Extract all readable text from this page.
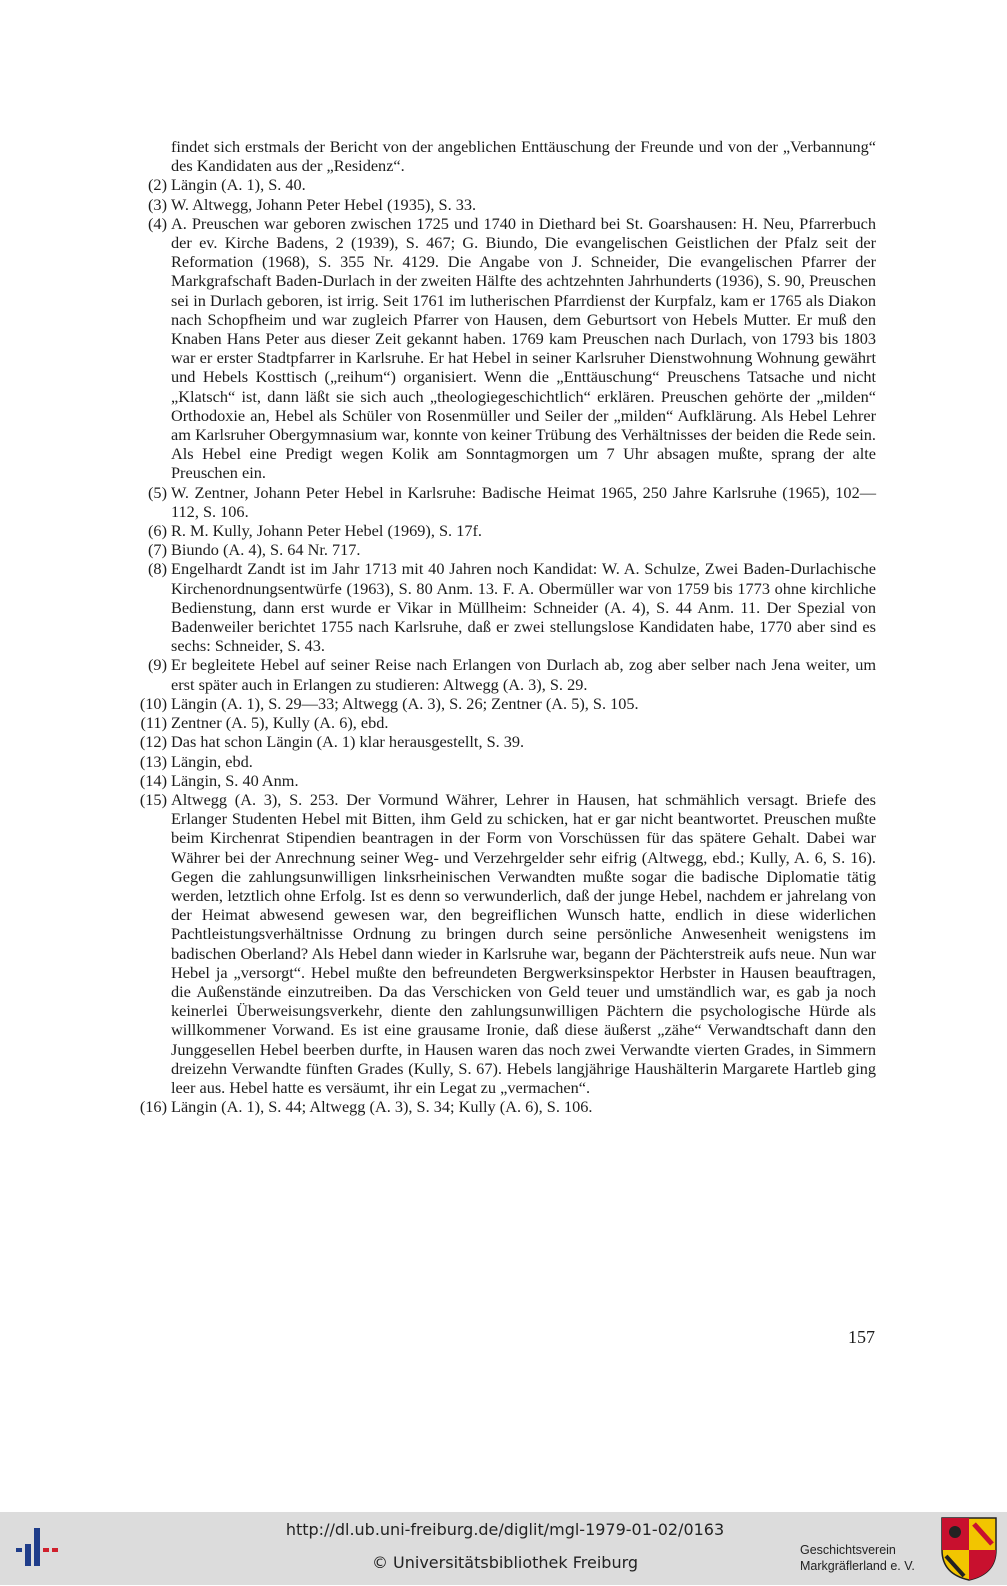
findet sich erstmals der Bericht von der angeblichen Enttäuschung der Freunde und von der „Verbannung“ des Kandidaten aus der „Residenz“.
(2) Längin (A. 1), S. 40.
(3) W. Altwegg, Johann Peter Hebel (1935), S. 33.
(4) A. Preuschen war geboren zwischen 1725 und 1740 in Diethard bei St. Goarshausen: H. Neu, Pfarrerbuch der ev. Kirche Badens, 2 (1939), S. 467; G. Biundo, Die evangelischen Geistlichen der Pfalz seit der Reformation (1968), S. 355 Nr. 4129. Die Angabe von J. Schneider, Die evangelischen Pfarrer der Markgrafschaft Baden-Durlach in der zweiten Hälfte des achtzehnten Jahrhunderts (1936), S. 90, Preuschen sei in Durlach geboren, ist irrig. Seit 1761 im lutherischen Pfarrdienst der Kurpfalz, kam er 1765 als Diakon nach Schopfheim und war zugleich Pfarrer von Hausen, dem Geburtsort von Hebels Mutter. Er muß den Knaben Hans Peter aus dieser Zeit gekannt haben. 1769 kam Preuschen nach Durlach, von 1793 bis 1803 war er erster Stadtpfarrer in Karlsruhe. Er hat Hebel in seiner Karlsruher Dienstwohnung Wohnung gewährt und Hebels Kosttisch („reihum“) organisiert. Wenn die „Enttäuschung“ Preuschens Tatsache und nicht „Klatsch“ ist, dann läßt sie sich auch „theologiegeschichtlich“ erklären. Preuschen gehörte der „milden“ Orthodoxie an, Hebel als Schüler von Rosenmüller und Seiler der „milden“ Aufklärung. Als Hebel Lehrer am Karlsruher Obergymnasium war, konnte von keiner Trübung des Verhältnisses der beiden die Rede sein. Als Hebel eine Predigt wegen Kolik am Sonntagmorgen um 7 Uhr absagen mußte, sprang der alte Preuschen ein.
(5) W. Zentner, Johann Peter Hebel in Karlsruhe: Badische Heimat 1965, 250 Jahre Karlsruhe (1965), 102—112, S. 106.
(6) R. M. Kully, Johann Peter Hebel (1969), S. 17f.
(7) Biundo (A. 4), S. 64 Nr. 717.
(8) Engelhardt Zandt ist im Jahr 1713 mit 40 Jahren noch Kandidat: W. A. Schulze, Zwei Baden-Durlachische Kirchenordnungsentwürfe (1963), S. 80 Anm. 13. F. A. Obermüller war von 1759 bis 1773 ohne kirchliche Bedienstung, dann erst wurde er Vikar in Müllheim: Schneider (A. 4), S. 44 Anm. 11. Der Spezial von Badenweiler berichtet 1755 nach Karlsruhe, daß er zwei stellungslose Kandidaten habe, 1770 aber sind es sechs: Schneider, S. 43.
(9) Er begleitete Hebel auf seiner Reise nach Erlangen von Durlach ab, zog aber selber nach Jena weiter, um erst später auch in Erlangen zu studieren: Altwegg (A. 3), S. 29.
(10) Längin (A. 1), S. 29—33; Altwegg (A. 3), S. 26; Zentner (A. 5), S. 105.
(11) Zentner (A. 5), Kully (A. 6), ebd.
(12) Das hat schon Längin (A. 1) klar herausgestellt, S. 39.
(13) Längin, ebd.
(14) Längin, S. 40 Anm.
(15) Altwegg (A. 3), S. 253. Der Vormund Währer, Lehrer in Hausen, hat schmählich versagt. Briefe des Erlanger Studenten Hebel mit Bitten, ihm Geld zu schicken, hat er gar nicht beantwortet. Preuschen mußte beim Kirchenrat Stipendien beantragen in der Form von Vorschüssen für das spätere Gehalt. Dabei war Währer bei der Anrechnung seiner Weg- und Verzehrgelder sehr eifrig (Altwegg, ebd.; Kully, A. 6, S. 16). Gegen die zahlungsunwilligen linksrheinischen Verwandten mußte sogar die badische Diplomatie tätig werden, letztlich ohne Erfolg. Ist es denn so verwunderlich, daß der junge Hebel, nachdem er jahrelang von der Heimat abwesend gewesen war, den begreiflichen Wunsch hatte, endlich in diese widerlichen Pachtleistungsverhältnisse Ordnung zu bringen durch seine persönliche Anwesenheit wenigstens im badischen Oberland? Als Hebel dann wieder in Karlsruhe war, begann der Pächterstreik aufs neue. Nun war Hebel ja „versorgt“. Hebel mußte den befreundeten Bergwerksinspektor Herbster in Hausen beauftragen, die Außenstände einzutreiben. Da das Verschicken von Geld teuer und umständlich war, es gab ja noch keinerlei Überweisungsverkehr, diente den zahlungsunwilligen Pächtern die psychologische Hürde als willkommener Vorwand. Es ist eine grausame Ironie, daß diese äußerst „zähe“ Verwandtschaft dann den Junggesellen Hebel beerben durfte, in Hausen waren das noch zwei Verwandte vierten Grades, in Simmern dreizehn Verwandte fünften Grades (Kully, S. 67). Hebels langjährige Haushälterin Margarete Hartleb ging leer aus. Hebel hatte es versäumt, ihr ein Legat zu „vermachen“.
(16) Längin (A. 1), S. 44; Altwegg (A. 3), S. 34; Kully (A. 6), S. 106.
157
http://dl.ub.uni-freiburg.de/diglit/mgl-1979-01-02/0163
© Universitätsbibliothek Freiburg
Geschichtsverein
Markgräflerland e. V.
